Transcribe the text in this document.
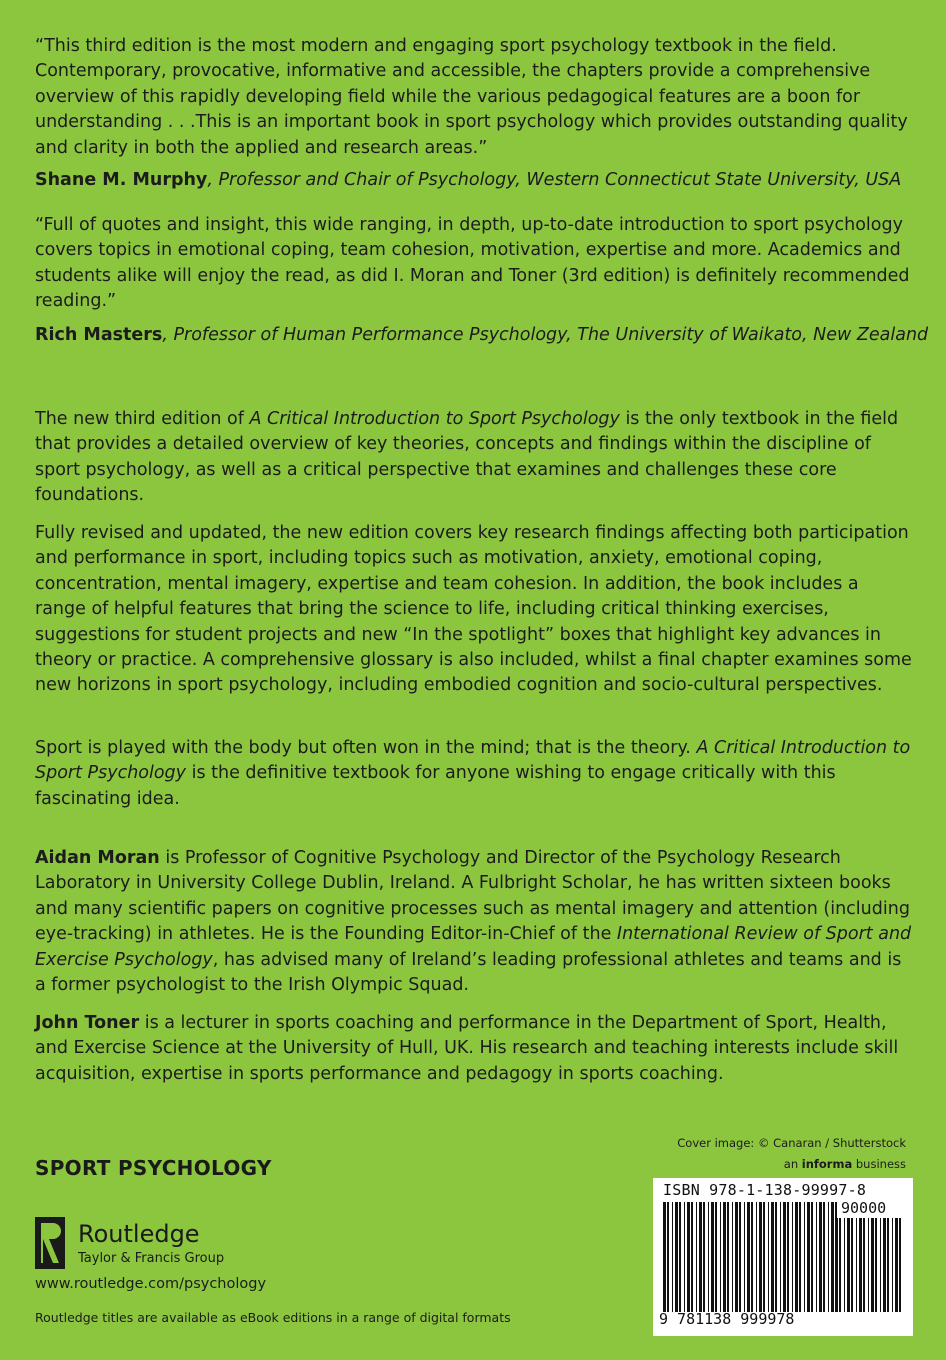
“This third edition is the most modern and engaging sport psychology textbook in the field. Contemporary, provocative, informative and accessible, the chapters provide a comprehensive overview of this rapidly developing field while the various pedagogical features are a boon for understanding . . .This is an important book in sport psychology which provides outstanding quality and clarity in both the applied and research areas.”

Shane M. Murphy, Professor and Chair of Psychology, Western Connecticut State University, USA

“Full of quotes and insight, this wide ranging, in depth, up-to-date introduction to sport psychology covers topics in emotional coping, team cohesion, motivation, expertise and more. Academics and students alike will enjoy the read, as did I. Moran and Toner (3rd edition) is definitely recommended reading.”

Rich Masters, Professor of Human Performance Psychology, The University of Waikato, New Zealand

The new third edition of A Critical Introduction to Sport Psychology is the only textbook in the field that provides a detailed overview of key theories, concepts and findings within the discipline of sport psychology, as well as a critical perspective that examines and challenges these core foundations.

Fully revised and updated, the new edition covers key research findings affecting both participation and performance in sport, including topics such as motivation, anxiety, emotional coping, concentration, mental imagery, expertise and team cohesion. In addition, the book includes a range of helpful features that bring the science to life, including critical thinking exercises, suggestions for student projects and new “In the spotlight” boxes that highlight key advances in theory or practice. A comprehensive glossary is also included, whilst a final chapter examines some new horizons in sport psychology, including embodied cognition and socio-cultural perspectives.

Sport is played with the body but often won in the mind; that is the theory. A Critical Introduction to Sport Psychology is the definitive textbook for anyone wishing to engage critically with this fascinating idea.

Aidan Moran is Professor of Cognitive Psychology and Director of the Psychology Research Laboratory in University College Dublin, Ireland. A Fulbright Scholar, he has written sixteen books and many scientific papers on cognitive processes such as mental imagery and attention (including eye-tracking) in athletes. He is the Founding Editor-in-Chief of the International Review of Sport and Exercise Psychology, has advised many of Ireland’s leading professional athletes and teams and is a former psychologist to the Irish Olympic Squad.

John Toner is a lecturer in sports coaching and performance in the Department of Sport, Health, and Exercise Science at the University of Hull, UK. His research and teaching interests include skill acquisition, expertise in sports performance and pedagogy in sports coaching.

SPORT PSYCHOLOGY

Routledge

Taylor & Francis Group

www.routledge.com/psychology

Routledge titles are available as eBook editions in a range of digital formats

Cover image: © Canaran / Shutterstock

an informa business

ISBN 978-1-138-99997-8

90000

9 781138 999978
